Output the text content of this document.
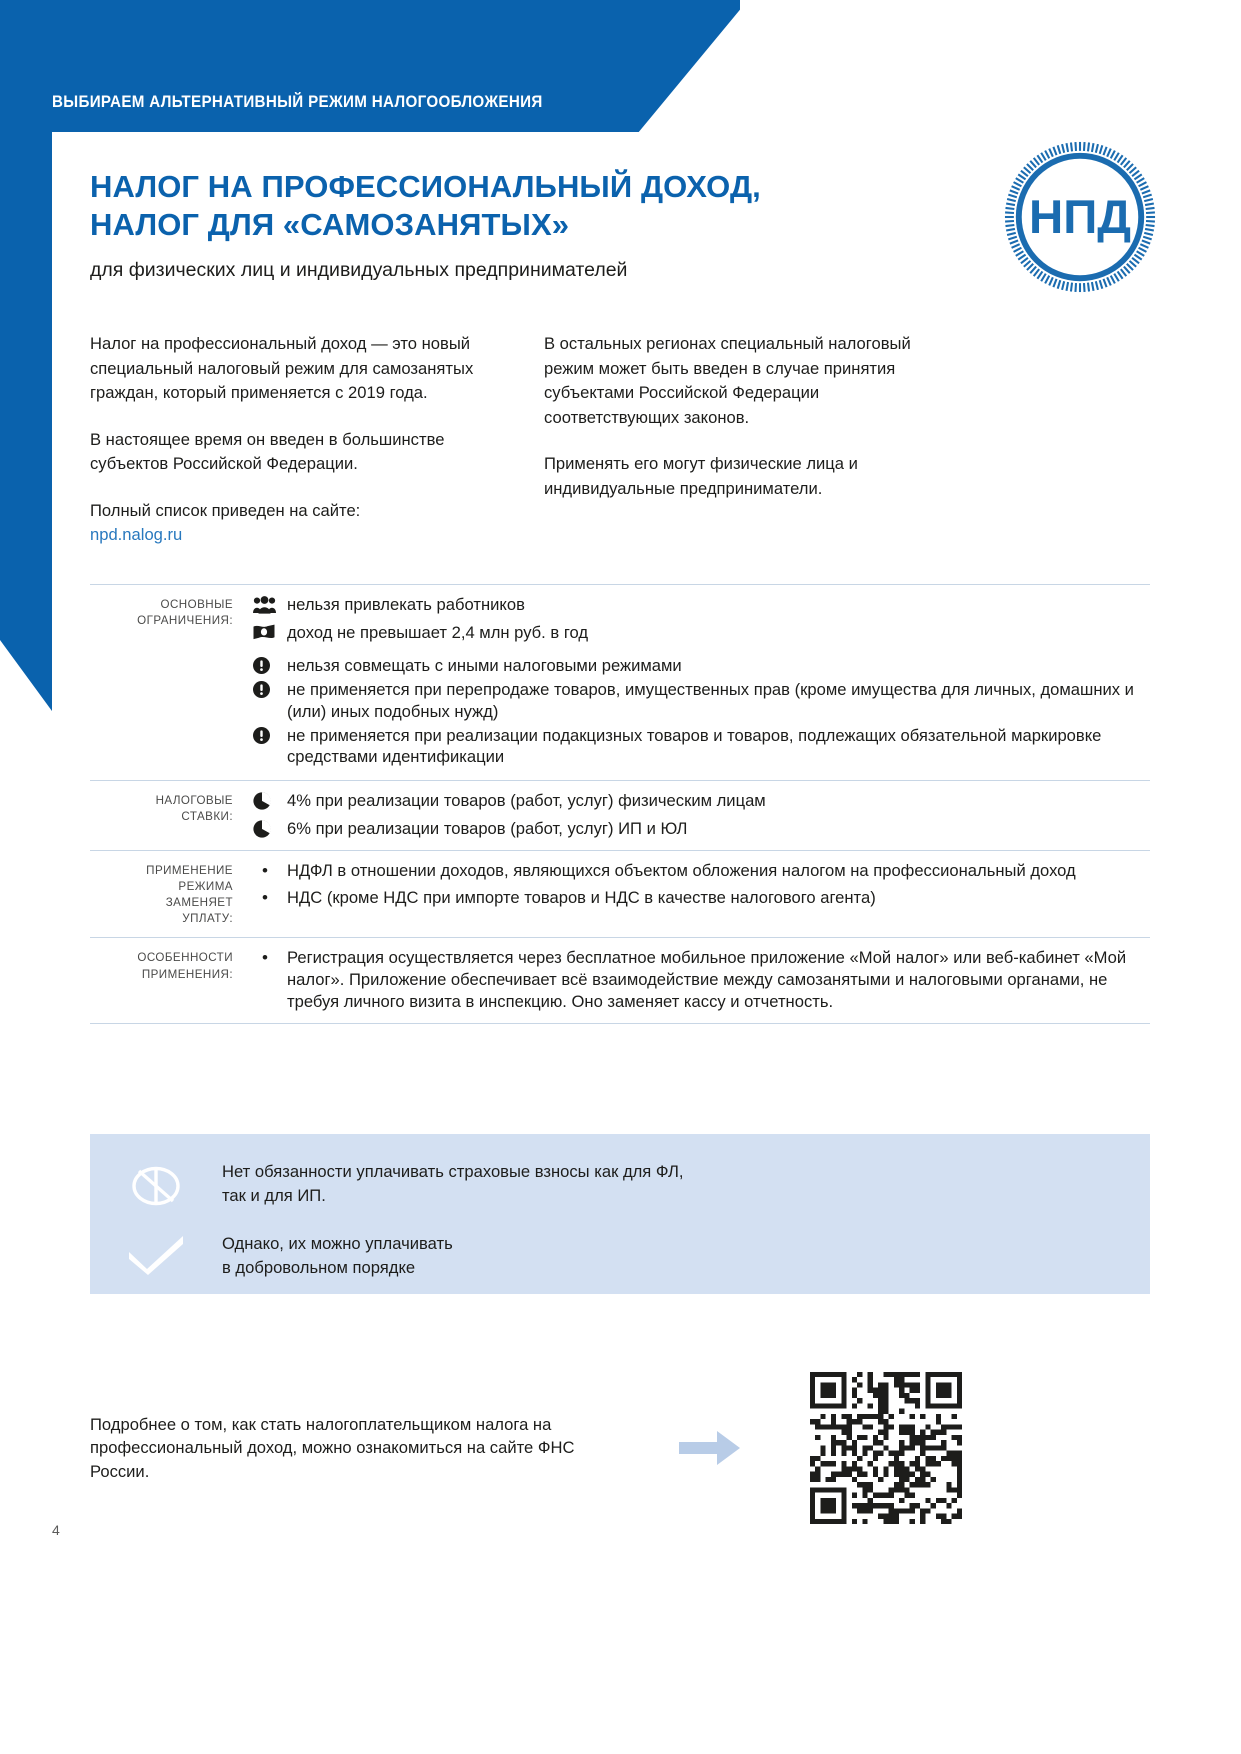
ВЫБИРАЕМ АЛЬТЕРНАТИВНЫЙ РЕЖИМ НАЛОГООБЛОЖЕНИЯ
НАЛОГ НА ПРОФЕССИОНАЛЬНЫЙ ДОХОД,
НАЛОГ ДЛЯ «САМОЗАНЯТЫХ»
для физических лиц и индивидуальных предпринимателей
НПД

Налог на профессиональный доход — это новый специальный налоговый режим для самозанятых граждан, который применяется с 2019 года.

В настоящее время он введен в большинстве субъектов Российской Федерации.

Полный список приведен на сайте:
npd.nalog.ru

В остальных регионах специальный налоговый режим может быть введен в случае принятия субъектами Российской Федерации соответствующих законов.

Применять его могут физические лица и индивидуальные предприниматели.

ОСНОВНЫЕ
ОГРАНИЧЕНИЯ:
нельзя привлекать работников
доход не превышает 2,4 млн руб. в год
нельзя совмещать с иными налоговыми режимами
не применяется при перепродаже товаров, имущественных прав (кроме имущества для личных, домашних и (или) иных подобных нужд)
не применяется при реализации подакцизных товаров и товаров, подлежащих обязательной маркировке средствами идентификации
НАЛОГОВЫЕ
СТАВКИ:
4% при реализации товаров (работ, услуг) физическим лицам
6% при реализации товаров (работ, услуг) ИП и ЮЛ
ПРИМЕНЕНИЕ
РЕЖИМА
ЗАМЕНЯЕТ
УПЛАТУ:
•	НДФЛ в отношении доходов, являющихся объектом обложения налогом на профессиональный доход
•	НДС (кроме НДС при импорте товаров и НДС в качестве налогового агента)
ОСОБЕННОСТИ
ПРИМЕНЕНИЯ:
•	Регистрация осуществляется через бесплатное мобильное приложение «Мой налог» или веб-кабинет «Мой налог». Приложение обеспечивает всё взаимодействие между самозанятыми и налоговыми органами, не требуя личного визита в инспекцию. Оно заменяет кассу и отчетность.
Нет обязанности уплачивать страховые взносы как для ФЛ,
так и для ИП.
Однако, их можно уплачивать
в добровольном порядке
Подробнее о том, как стать налогоплательщиком налога на профессиональный доход, можно ознакомиться на сайте ФНС России.
4
